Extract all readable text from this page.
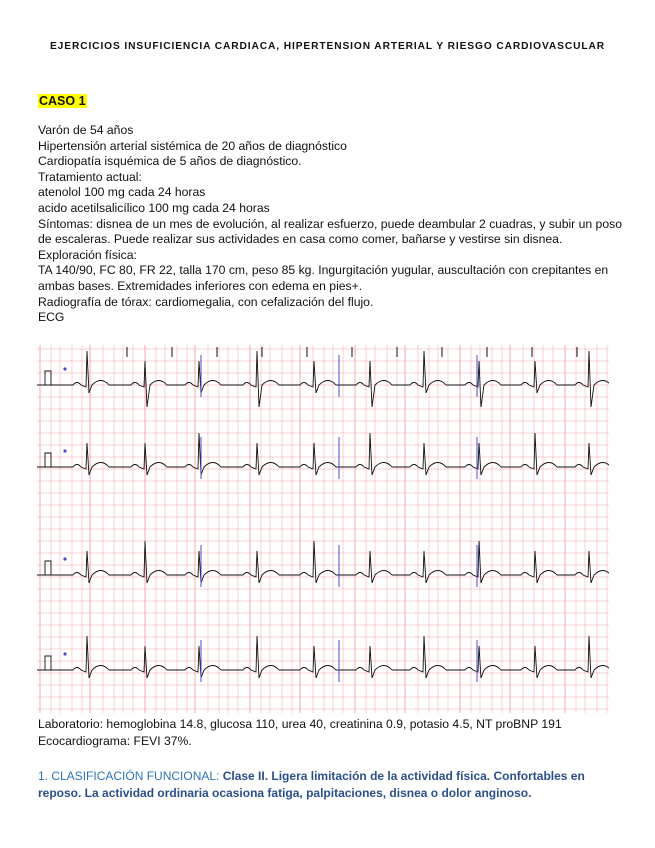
EJERCICIOS INSUFICIENCIA CARDIACA, HIPERTENSION ARTERIAL Y RIESGO CARDIOVASCULAR
CASO 1
Varón de 54 años
Hipertensión arterial sistémica de 20 años de diagnóstico
Cardiopatía isquémica de 5 años de diagnóstico.
Tratamiento actual:
atenolol 100 mg cada 24 horas
acido acetilsalicílico 100 mg cada 24 horas
Síntomas: disnea de un mes de evolución, al realizar esfuerzo, puede deambular 2 cuadras, y subir un poso de escaleras. Puede realizar sus actividades en casa como comer, bañarse y vestirse sin disnea.
Exploración física:
TA 140/90, FC 80, FR 22, talla 170 cm, peso 85 kg. Ingurgitación yugular, auscultación con crepitantes en ambas bases. Extremidades inferiores con edema en pies+.
Radiografía de tórax: cardiomegalia, con cefalización del flujo.
ECG
Laboratorio: hemoglobina 14.8, glucosa 110, urea 40, creatinina 0.9, potasio 4.5, NT proBNP 191
Ecocardiograma: FEVI 37%.
1. CLASIFICACIÓN FUNCIONAL: Clase II. Ligera limitación de la actividad física. Confortables en reposo. La actividad ordinaria ocasiona fatiga, palpitaciones, disnea o dolor anginoso.
